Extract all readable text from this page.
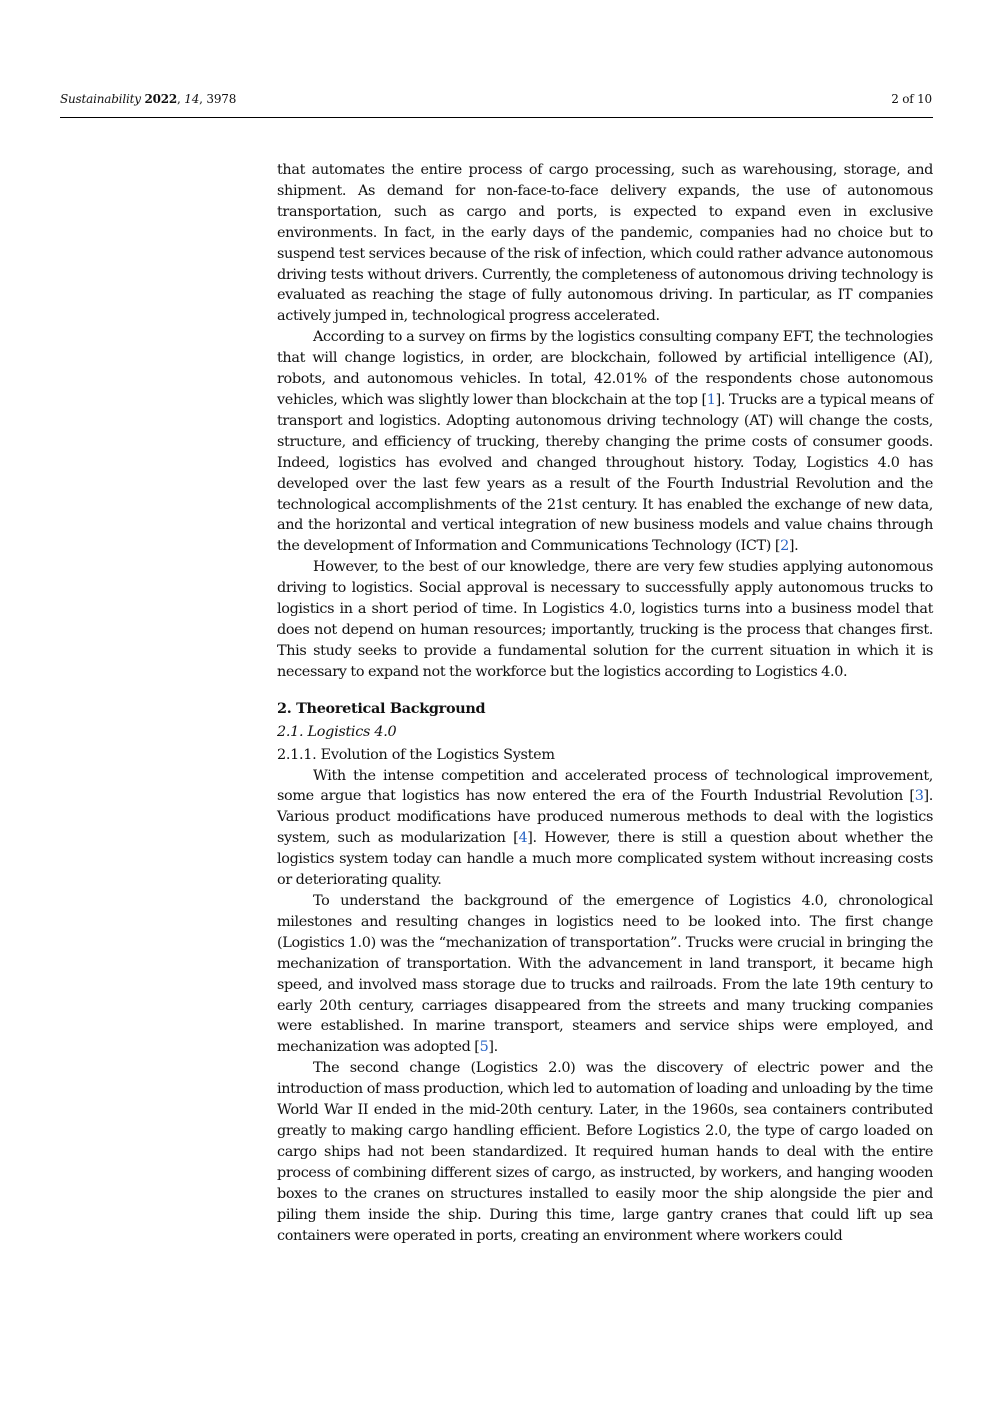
Sustainability 2022, 14, 3978	2 of 10

that automates the entire process of cargo processing, such as warehousing, storage, and shipment. As demand for non-face-to-face delivery expands, the use of autonomous transportation, such as cargo and ports, is expected to expand even in exclusive environments. In fact, in the early days of the pandemic, companies had no choice but to suspend test services because of the risk of infection, which could rather advance autonomous driving tests without drivers. Currently, the completeness of autonomous driving technology is evaluated as reaching the stage of fully autonomous driving. In particular, as IT companies actively jumped in, technological progress accelerated.

According to a survey on firms by the logistics consulting company EFT, the technologies that will change logistics, in order, are blockchain, followed by artificial intelligence (AI), robots, and autonomous vehicles. In total, 42.01% of the respondents chose autonomous vehicles, which was slightly lower than blockchain at the top [1]. Trucks are a typical means of transport and logistics. Adopting autonomous driving technology (AT) will change the costs, structure, and efficiency of trucking, thereby changing the prime costs of consumer goods. Indeed, logistics has evolved and changed throughout history. Today, Logistics 4.0 has developed over the last few years as a result of the Fourth Industrial Revolution and the technological accomplishments of the 21st century. It has enabled the exchange of new data, and the horizontal and vertical integration of new business models and value chains through the development of Information and Communications Technology (ICT) [2].

However, to the best of our knowledge, there are very few studies applying autonomous driving to logistics. Social approval is necessary to successfully apply autonomous trucks to logistics in a short period of time. In Logistics 4.0, logistics turns into a business model that does not depend on human resources; importantly, trucking is the process that changes first. This study seeks to provide a fundamental solution for the current situation in which it is necessary to expand not the workforce but the logistics according to Logistics 4.0.

2. Theoretical Background
2.1. Logistics 4.0
2.1.1. Evolution of the Logistics System

With the intense competition and accelerated process of technological improvement, some argue that logistics has now entered the era of the Fourth Industrial Revolution [3]. Various product modifications have produced numerous methods to deal with the logistics system, such as modularization [4]. However, there is still a question about whether the logistics system today can handle a much more complicated system without increasing costs or deteriorating quality.

To understand the background of the emergence of Logistics 4.0, chronological milestones and resulting changes in logistics need to be looked into. The first change (Logistics 1.0) was the “mechanization of transportation”. Trucks were crucial in bringing the mechanization of transportation. With the advancement in land transport, it became high speed, and involved mass storage due to trucks and railroads. From the late 19th century to early 20th century, carriages disappeared from the streets and many trucking companies were established. In marine transport, steamers and service ships were employed, and mechanization was adopted [5].

The second change (Logistics 2.0) was the discovery of electric power and the introduction of mass production, which led to automation of loading and unloading by the time World War II ended in the mid-20th century. Later, in the 1960s, sea containers contributed greatly to making cargo handling efficient. Before Logistics 2.0, the type of cargo loaded on cargo ships had not been standardized. It required human hands to deal with the entire process of combining different sizes of cargo, as instructed, by workers, and hanging wooden boxes to the cranes on structures installed to easily moor the ship alongside the pier and piling them inside the ship. During this time, large gantry cranes that could lift up sea containers were operated in ports, creating an environment where workers could
